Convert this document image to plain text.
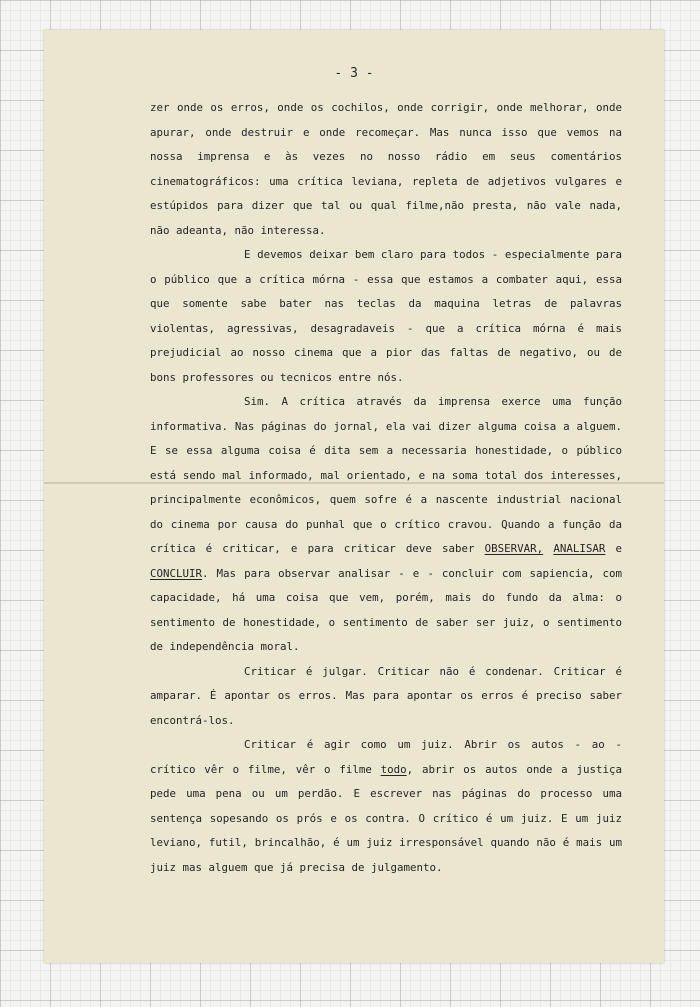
- 3 -

zer onde os erros, onde os cochilos, onde corrigir, onde melhorar, onde apurar, onde destruir e onde recomeçar. Mas nunca isso que vemos na nossa imprensa e às vezes no nosso rádio em seus comentários cinematográficos: uma crítica leviana, repleta de adjetivos vulgares e estúpidos para dizer que tal ou qual filme,não presta, não vale nada, não adeanta, não interessa.

E devemos deixar bem claro para todos - especialmente para o público que a crítica mórna - essa que estamos a combater aqui, essa que somente sabe bater nas teclas da maquina letras de palavras violentas, agressivas, desagradaveis - que a crítica mórna é mais prejudicial ao nosso cinema que a pior das faltas de negativo, ou de bons professores ou tecnicos entre nós.

Sim. A crítica através da imprensa exerce uma função informativa. Nas páginas do jornal, ela vai dizer alguma coisa a alguem. E se essa alguma coisa é dita sem a necessaria honestidade, o público está sendo mal informado, mal orientado, e na soma total dos interesses, principalmente econômicos, quem sofre é a nascente industrial nacional do cinema por causa do punhal que o crítico cravou. Quando a função da crítica é criticar, e para criticar deve saber OBSERVAR, ANALISAR e CONCLUIR. Mas para observar analisar - e - concluir com sapiencia, com capacidade, há uma coisa que vem, porém, mais do fundo da alma: o sentimento de honestidade, o sentimento de saber ser juiz, o sentimento de independência moral.

Criticar é julgar. Criticar não é condenar. Criticar é amparar. É apontar os erros. Mas para apontar os erros é preciso saber encontrá-los.

Criticar é agir como um juiz. Abrir os autos - ao - crítico vêr o filme, vêr o filme todo, abrir os autos onde a justiça pede uma pena ou um perdão. E escrever nas páginas do processo uma sentença sopesando os prós e os contra. O crítico é um juiz. E um juiz leviano, futil, brincalhão, é um juiz irresponsável quando não é mais um juiz mas alguem que já precisa de julgamento.
